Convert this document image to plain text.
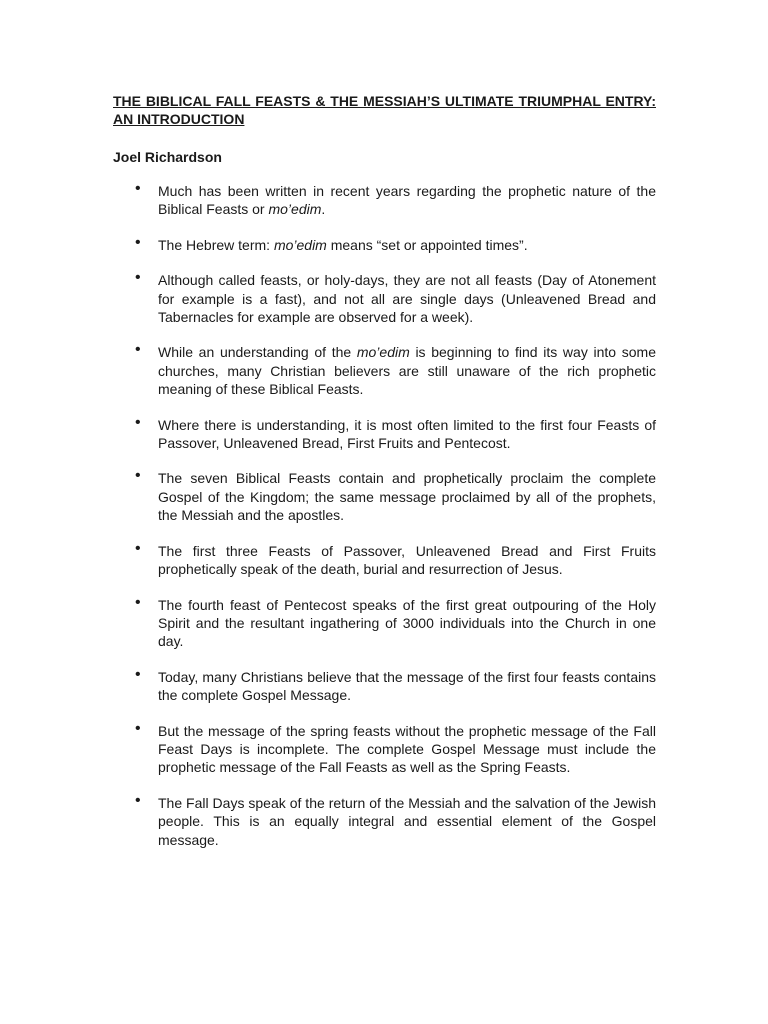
THE BIBLICAL FALL FEASTS & THE MESSIAH’S ULTIMATE TRIUMPHAL ENTRY: AN INTRODUCTION
Joel Richardson
• Much has been written in recent years regarding the prophetic nature of the Biblical Feasts or mo’edim.
• The Hebrew term: mo’edim means “set or appointed times”.
• Although called feasts, or holy-days, they are not all feasts (Day of Atonement for example is a fast), and not all are single days (Unleavened Bread and Tabernacles for example are observed for a week).
• While an understanding of the mo’edim is beginning to find its way into some churches, many Christian believers are still unaware of the rich prophetic meaning of these Biblical Feasts.
• Where there is understanding, it is most often limited to the first four Feasts of Passover, Unleavened Bread, First Fruits and Pentecost.
• The seven Biblical Feasts contain and prophetically proclaim the complete Gospel of the Kingdom; the same message proclaimed by all of the prophets, the Messiah and the apostles.
• The first three Feasts of Passover, Unleavened Bread and First Fruits prophetically speak of the death, burial and resurrection of Jesus.
• The fourth feast of Pentecost speaks of the first great outpouring of the Holy Spirit and the resultant ingathering of 3000 individuals into the Church in one day.
• Today, many Christians believe that the message of the first four feasts contains the complete Gospel Message.
• But the message of the spring feasts without the prophetic message of the Fall Feast Days is incomplete. The complete Gospel Message must include the prophetic message of the Fall Feasts as well as the Spring Feasts.
• The Fall Days speak of the return of the Messiah and the salvation of the Jewish people. This is an equally integral and essential element of the Gospel message.
